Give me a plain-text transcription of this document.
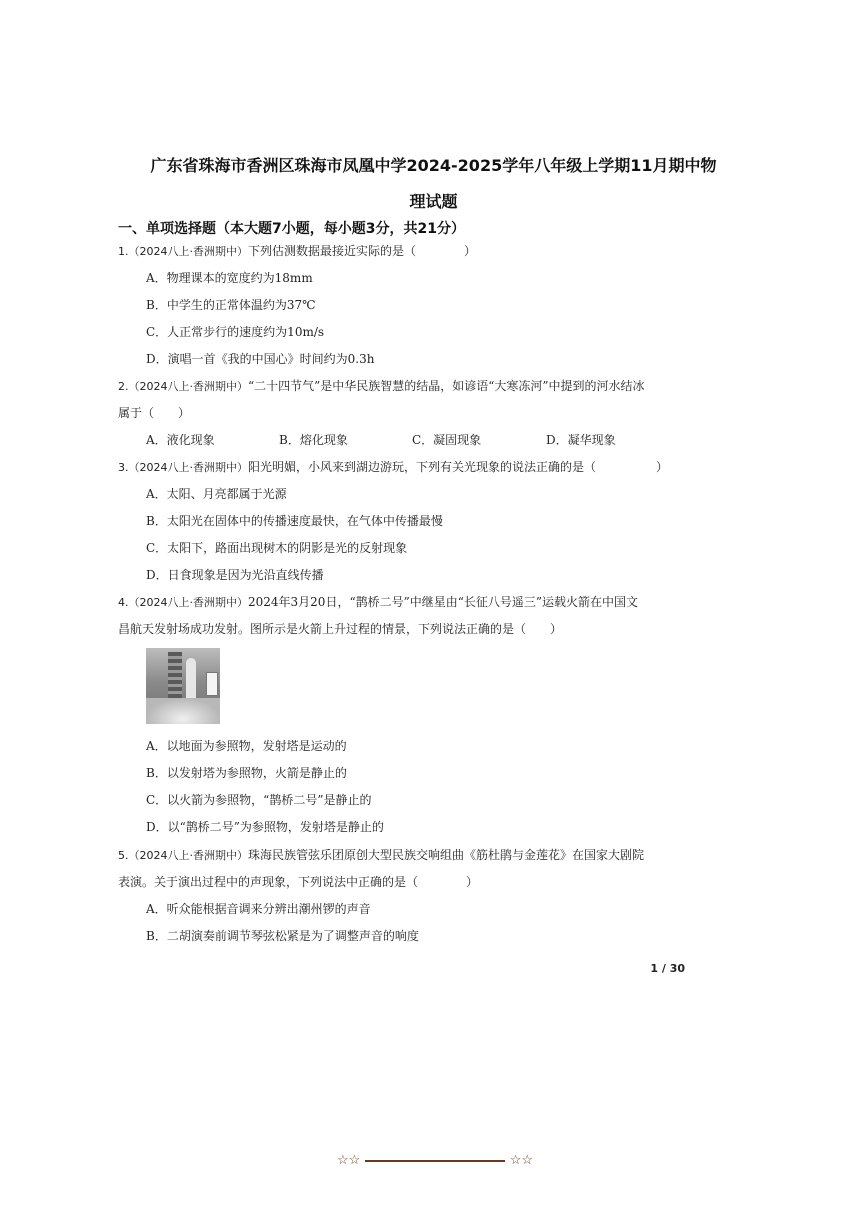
广东省珠海市香洲区珠海市凤凰中学2024-2025学年八年级上学期11月期中物
理试题
一、单项选择题（本大题7小题，每小题3分，共21分）
1.（2024八上·香洲期中）下列估测数据最接近实际的是（　　　　）
A．物理课本的宽度约为18mm
B．中学生的正常体温约为37℃
C．人正常步行的速度约为10m/s
D．演唱一首《我的中国心》时间约为0.3h
2.（2024八上·香洲期中）“二十四节气”是中华民族智慧的结晶，如谚语“大寒冻河”中提到的河水结冰
属于（　　）
A．液化现象	B．熔化现象	C．凝固现象	D．凝华现象
3.（2024八上·香洲期中）阳光明媚，小风来到湖边游玩，下列有关光现象的说法正确的是（　　　　　）
A．太阳、月亮都属于光源
B．太阳光在固体中的传播速度最快，在气体中传播最慢
C．太阳下，路面出现树木的阴影是光的反射现象
D．日食现象是因为光沿直线传播
4.（2024八上·香洲期中）2024年3月20日，“鹊桥二号”中继星由“长征八号遥三”运载火箭在中国文
昌航天发射场成功发射。图所示是火箭上升过程的情景，下列说法正确的是（　　）
A．以地面为参照物，发射塔是运动的
B．以发射塔为参照物，火箭是静止的
C．以火箭为参照物，“鹊桥二号”是静止的
D．以“鹊桥二号”为参照物，发射塔是静止的
5.（2024八上·香洲期中）珠海民族管弦乐团原创大型民族交响组曲《筋杜鹃与金莲花》在国家大剧院
表演。关于演出过程中的声现象，下列说法中正确的是（　　　　）
A．听众能根据音调来分辨出潮州锣的声音
B．二胡演奏前调节琴弦松紧是为了调整声音的响度
1 / 30
☆☆	☆☆
